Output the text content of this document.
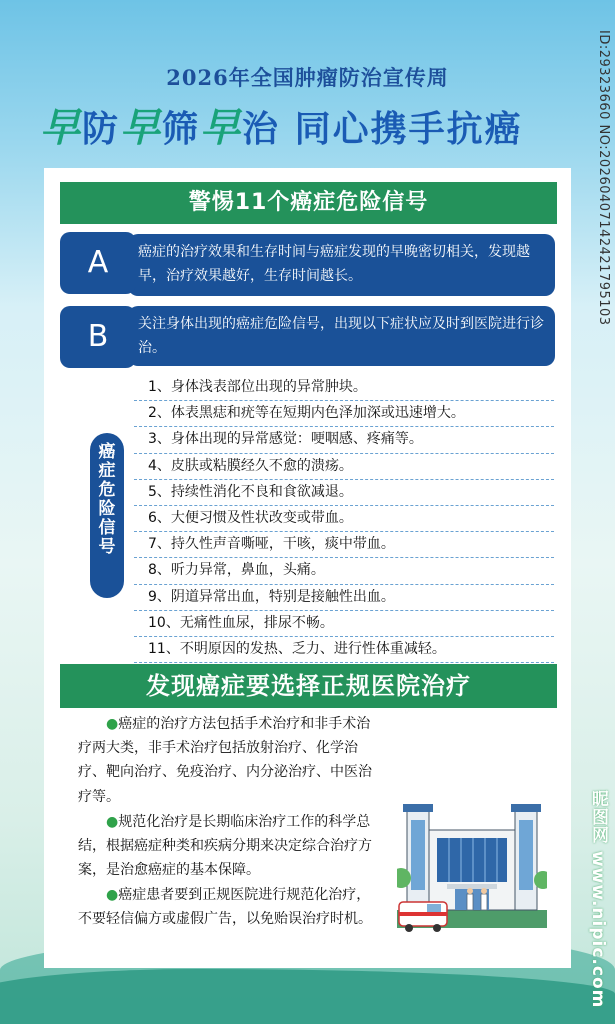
2026年全国肿瘤防治宣传周
早防早筛早治 同心携手抗癌	ID:29323660 NO:20260407142421795103
昵图网 www.nipic.com
警惕11个癌症危险信号
癌症的治疗效果和生存时间与癌症发现的早晚密切相关，发现越早，治疗效果越好，生存时间越长。
A
关注身体出现的癌症危险信号，出现以下症状应及时到医院进行诊治。
B
癌
症
危
险
信
号
1、身体浅表部位出现的异常肿块。
2、体表黑痣和疣等在短期内色泽加深或迅速增大。
3、身体出现的异常感觉：哽咽感、疼痛等。
4、皮肤或粘膜经久不愈的溃疡。
5、持续性消化不良和食欲减退。
6、大便习惯及性状改变或带血。
7、持久性声音嘶哑，干咳，痰中带血。
8、听力异常，鼻血，头痛。
9、阴道异常出血，特别是接触性出血。
10、无痛性血尿，排尿不畅。
11、不明原因的发热、乏力、进行性体重减轻。
发现癌症要选择正规医院治疗
  ●癌症的治疗方法包括手术治疗和非手术治疗两大类，非手术治疗包括放射治疗、化学治疗、靶向治疗、免疫治疗、内分泌治疗、中医治疗等。
  ●规范化治疗是长期临床治疗工作的科学总结，根据癌症种类和疾病分期来决定综合治疗方案，是治愈癌症的基本保障。
  ●癌症患者要到正规医院进行规范化治疗，不要轻信偏方或虚假广告，以免贻误治疗时机。
